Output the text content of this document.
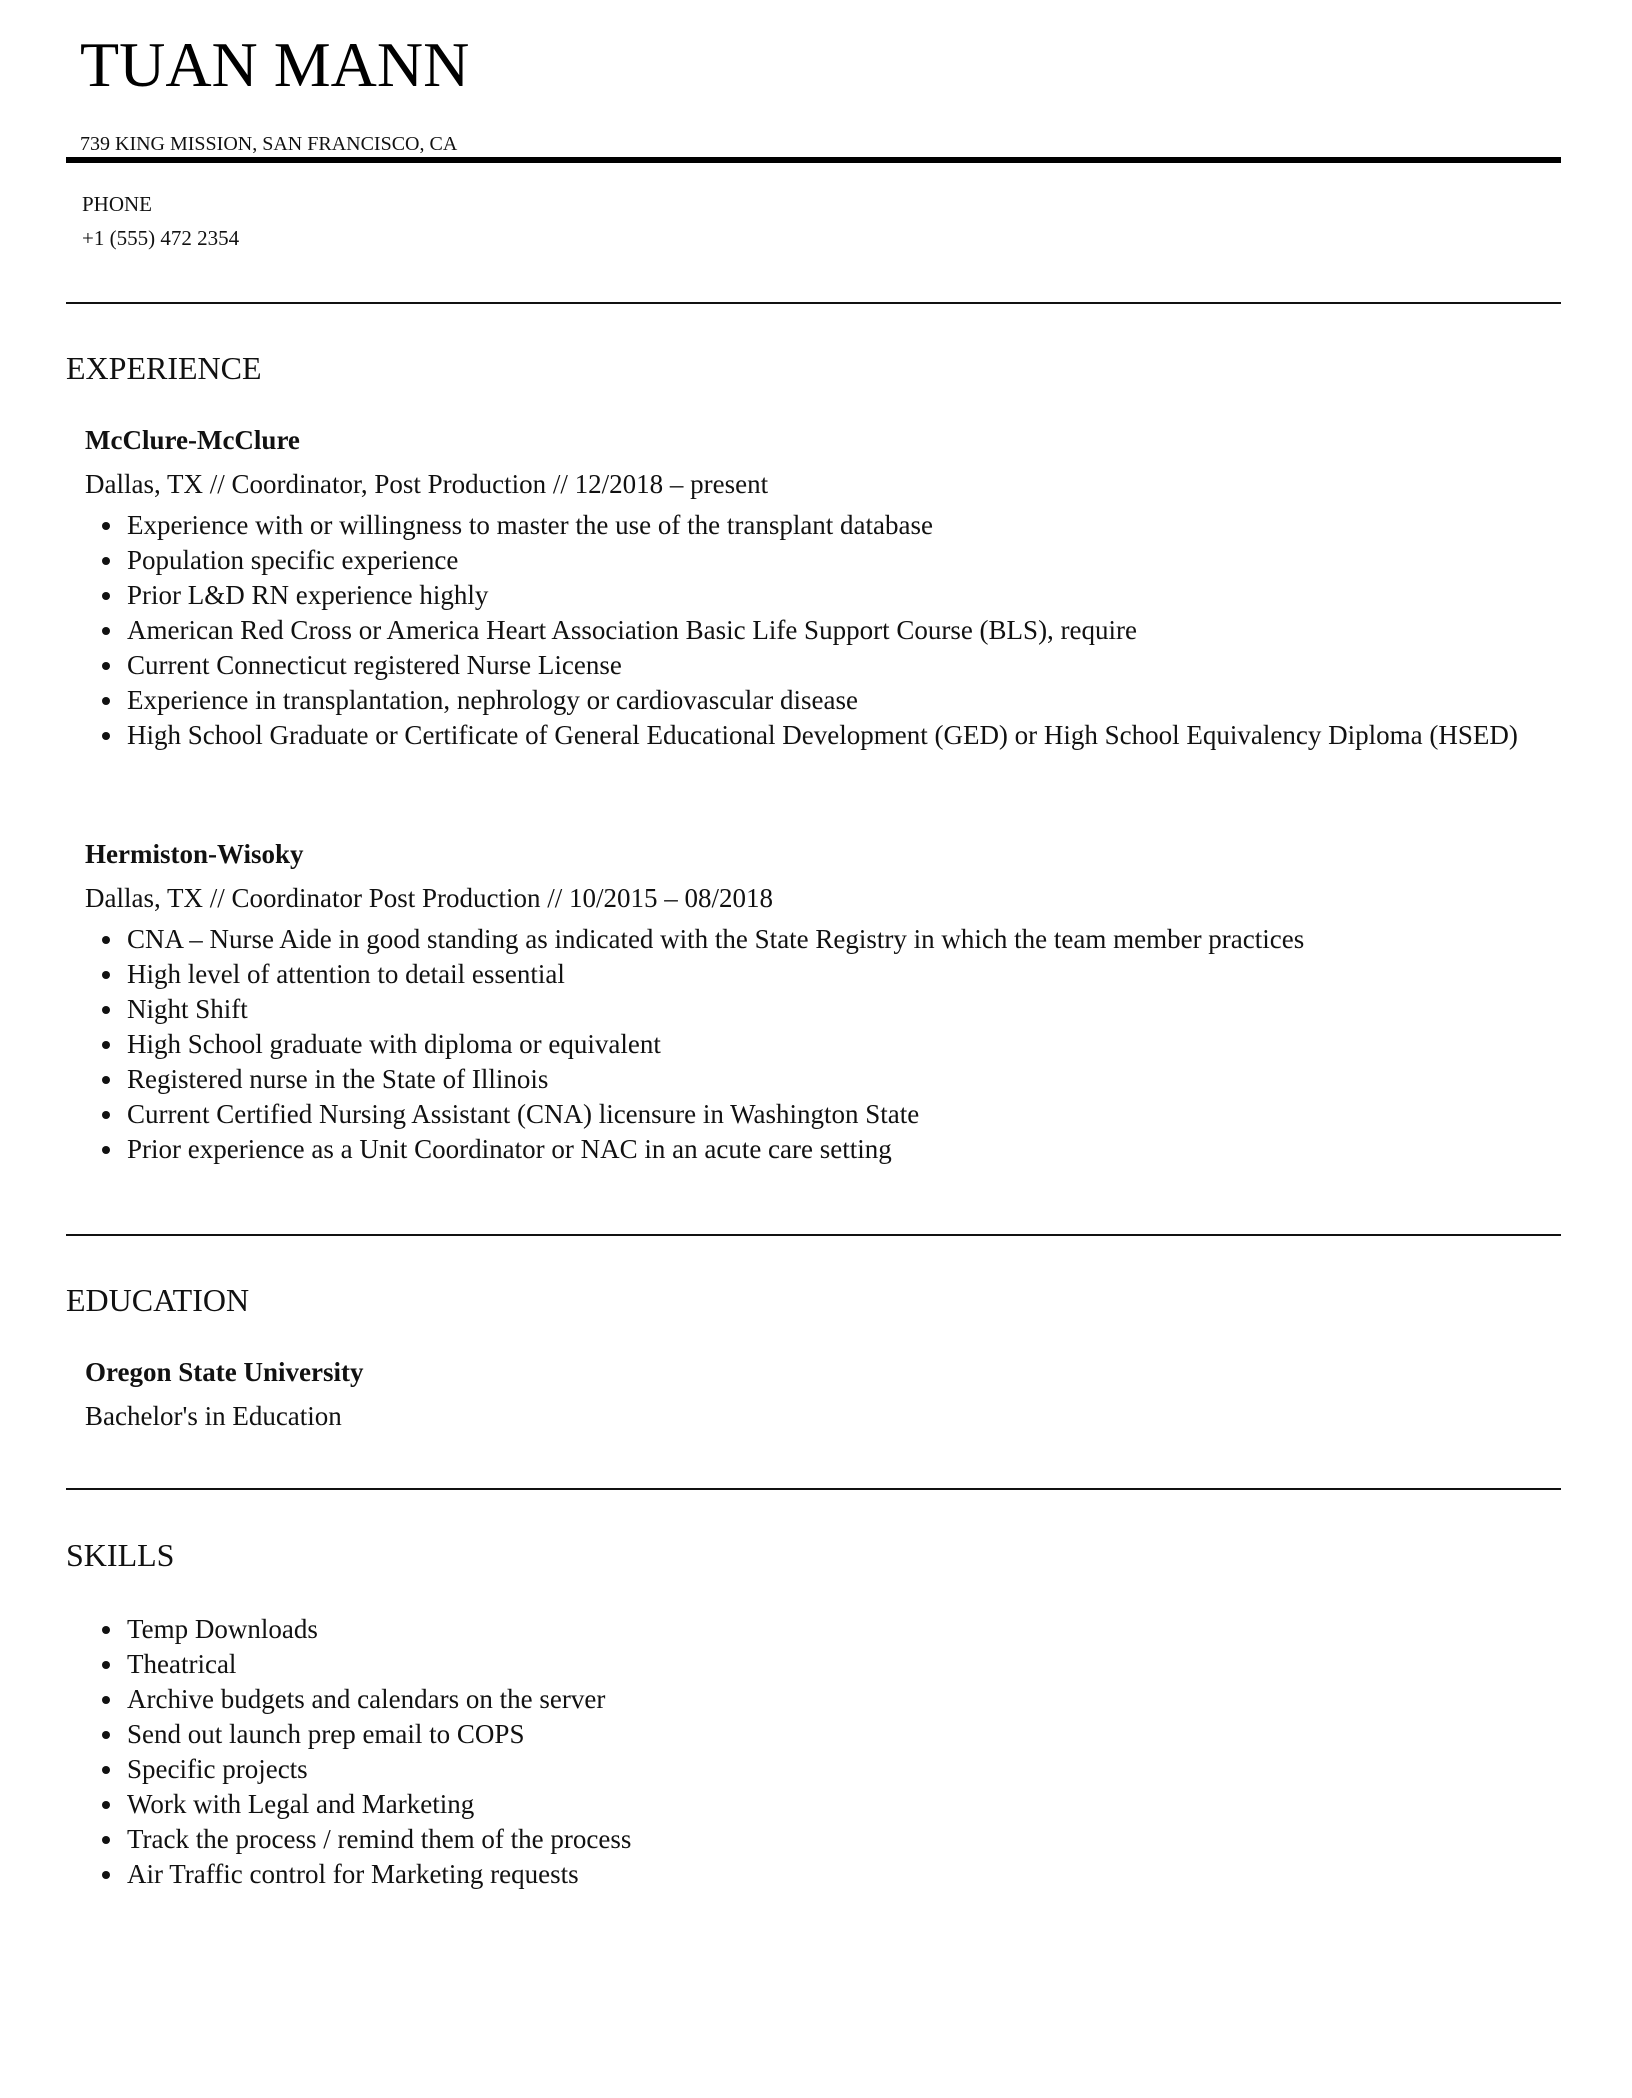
TUAN MANN
739 KING MISSION, SAN FRANCISCO, CA
PHONE
+1 (555) 472 2354
EXPERIENCE
McClure-McClure
Dallas, TX // Coordinator, Post Production // 12/2018 – present
Experience with or willingness to master the use of the transplant database
Population specific experience
Prior L&D RN experience highly
American Red Cross or America Heart Association Basic Life Support Course (BLS), require
Current Connecticut registered Nurse License
Experience in transplantation, nephrology or cardiovascular disease
High School Graduate or Certificate of General Educational Development (GED) or High School Equivalency Diploma (HSED)
Hermiston-Wisoky
Dallas, TX // Coordinator Post Production // 10/2015 – 08/2018
CNA – Nurse Aide in good standing as indicated with the State Registry in which the team member practices
High level of attention to detail essential
Night Shift
High School graduate with diploma or equivalent
Registered nurse in the State of Illinois
Current Certified Nursing Assistant (CNA) licensure in Washington State
Prior experience as a Unit Coordinator or NAC in an acute care setting
EDUCATION
Oregon State University
Bachelor's in Education
SKILLS
Temp Downloads
Theatrical
Archive budgets and calendars on the server
Send out launch prep email to COPS
Specific projects
Work with Legal and Marketing
Track the process / remind them of the process
Air Traffic control for Marketing requests
